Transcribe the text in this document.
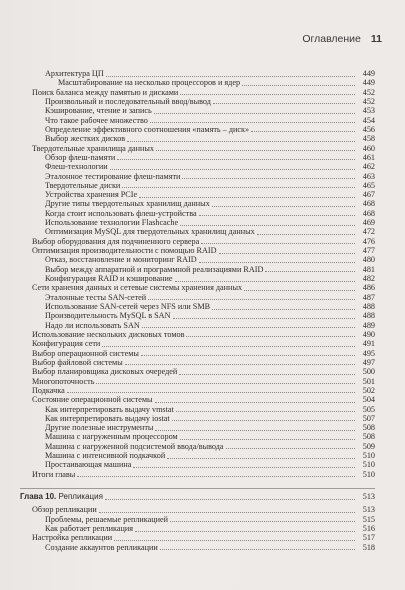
Оглавление 11
Архитектура ЦП	449
Масштабирование на несколько процессоров и ядер	449
Поиск баланса между памятью и дисками	452
Произвольный и последовательный ввод/вывод	452
Кэширование, чтение и запись	453
Что такое рабочее множество	454
Определение эффективного соотношения «память – диск»	456
Выбор жестких дисков	458
Твердотельные хранилища данных	460
Обзор флеш-памяти	461
Флеш-технологии	462
Эталонное тестирование флеш-памяти	463
Твердотельные диски	465
Устройства хранения PCIe	467
Другие типы твердотельных хранилищ данных	468
Когда стоит использовать флеш-устройства	468
Использование технологии Flashcache	469
Оптимизация MySQL для твердотельных хранилищ данных	472
Выбор оборудования для подчиненного сервера	476
Оптимизация производительности с помощью RAID	477
Отказ, восстановление и мониторинг RAID	480
Выбор между аппаратной и программной реализациями RAID	481
Конфигурация RAID и кэширование	482
Сети хранения данных и сетевые системы хранения данных	486
Эталонные тесты SAN-сетей	487
Использование SAN-сетей через NFS или SMB	488
Производительность MySQL в SAN	488
Надо ли использовать SAN	489
Использование нескольких дисковых томов	490
Конфигурация сети	491
Выбор операционной системы	495
Выбор файловой системы	497
Выбор планировщика дисковых очередей	500
Многопоточность	501
Подкачка	502
Состояние операционной системы	504
Как интерпретировать выдачу vmstat	505
Как интерпретировать выдачу iostat	507
Другие полезные инструменты	508
Машина с нагруженным процессором	508
Машина с нагруженной подсистемой ввода/вывода	509
Машина с интенсивной подкачкой	510
Простаивающая машина	510
Итоги главы	510
Глава 10. Репликация	513
Обзор репликации	513
Проблемы, решаемые репликацией	515
Как работает репликация	516
Настройка репликации	517
Создание аккаунтов репликации	518
